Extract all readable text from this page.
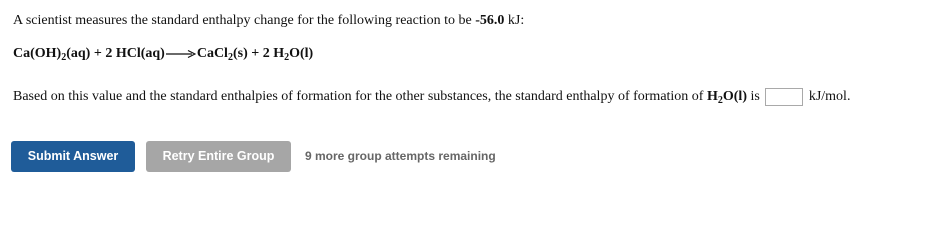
A scientist measures the standard enthalpy change for the following reaction to be -56.0 kJ:
$Ca(OH)_2(aq) + 2$ HCl(aq)→CaCl$_2$(s) + 2 $H_2O(l)$
Based on this value and the standard enthalpies of formation for the other substances, the standard enthalpy of formation of $H_2O(l)$ is	kJ/mol.
Submit Answer	Retry Entire Group	9 more group attempts remaining
